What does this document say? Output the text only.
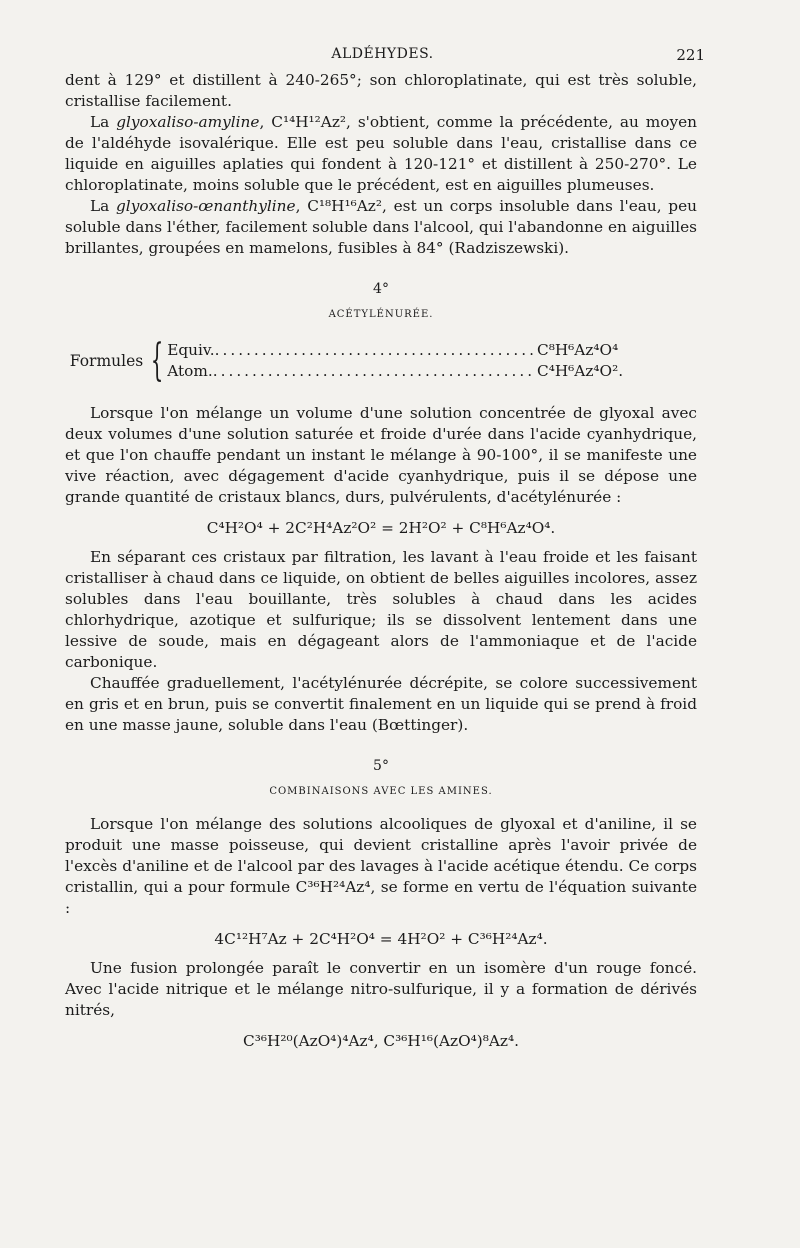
ALDÉHYDES.	221

dent à 129° et distillent à 240-265°; son chloroplatinate, qui est très soluble, cristallise facilement.

La glyoxaliso-amyline, C¹⁴H¹²Az², s'obtient, comme la précédente, au moyen de l'aldéhyde isovalérique. Elle est peu soluble dans l'eau, cristallise dans ce liquide en aiguilles aplaties qui fondent à 120-121° et distillent à 250-270°. Le chloroplatinate, moins soluble que le précédent, est en aiguilles plumeuses.

La glyoxaliso-œnanthyline, C¹⁸H¹⁶Az², est un corps insoluble dans l'eau, peu soluble dans l'éther, facilement soluble dans l'alcool, qui l'abandonne en aiguilles brillantes, groupées en mamelons, fusibles à 84° (Radziszewski).

4°
ACÉTYLÉNURÉE.
Formules { Equiv. ......................................... C⁸H⁶Az⁴O⁴
Atom. ......................................... C⁴H⁶Az⁴O².

Lorsque l'on mélange un volume d'une solution concentrée de glyoxal avec deux volumes d'une solution saturée et froide d'urée dans l'acide cyanhydrique, et que l'on chauffe pendant un instant le mélange à 90-100°, il se manifeste une vive réaction, avec dégagement d'acide cyanhydrique, puis il se dépose une grande quantité de cristaux blancs, durs, pulvérulents, d'acétylénurée :

C⁴H²O⁴ + 2C²H⁴Az²O² = 2H²O² + C⁸H⁶Az⁴O⁴.

En séparant ces cristaux par filtration, les lavant à l'eau froide et les faisant cristalliser à chaud dans ce liquide, on obtient de belles aiguilles incolores, assez solubles dans l'eau bouillante, très solubles à chaud dans les acides chlorhydrique, azotique et sulfurique; ils se dissolvent lentement dans une lessive de soude, mais en dégageant alors de l'ammoniaque et de l'acide carbonique.

Chauffée graduellement, l'acétylénurée décrépite, se colore successivement en gris et en brun, puis se convertit finalement en un liquide qui se prend à froid en une masse jaune, soluble dans l'eau (Bœttinger).

5°
COMBINAISONS AVEC LES AMINES.

Lorsque l'on mélange des solutions alcooliques de glyoxal et d'aniline, il se produit une masse poisseuse, qui devient cristalline après l'avoir privée de l'excès d'aniline et de l'alcool par des lavages à l'acide acétique étendu. Ce corps cristallin, qui a pour formule C³⁶H²⁴Az⁴, se forme en vertu de l'équation suivante :

4C¹²H⁷Az + 2C⁴H²O⁴ = 4H²O² + C³⁶H²⁴Az⁴.

Une fusion prolongée paraît le convertir en un isomère d'un rouge foncé. Avec l'acide nitrique et le mélange nitro-sulfurique, il y a formation de dérivés nitrés,

C³⁶H²⁰(AzO⁴)⁴Az⁴, C³⁶H¹⁶(AzO⁴)⁸Az⁴.
